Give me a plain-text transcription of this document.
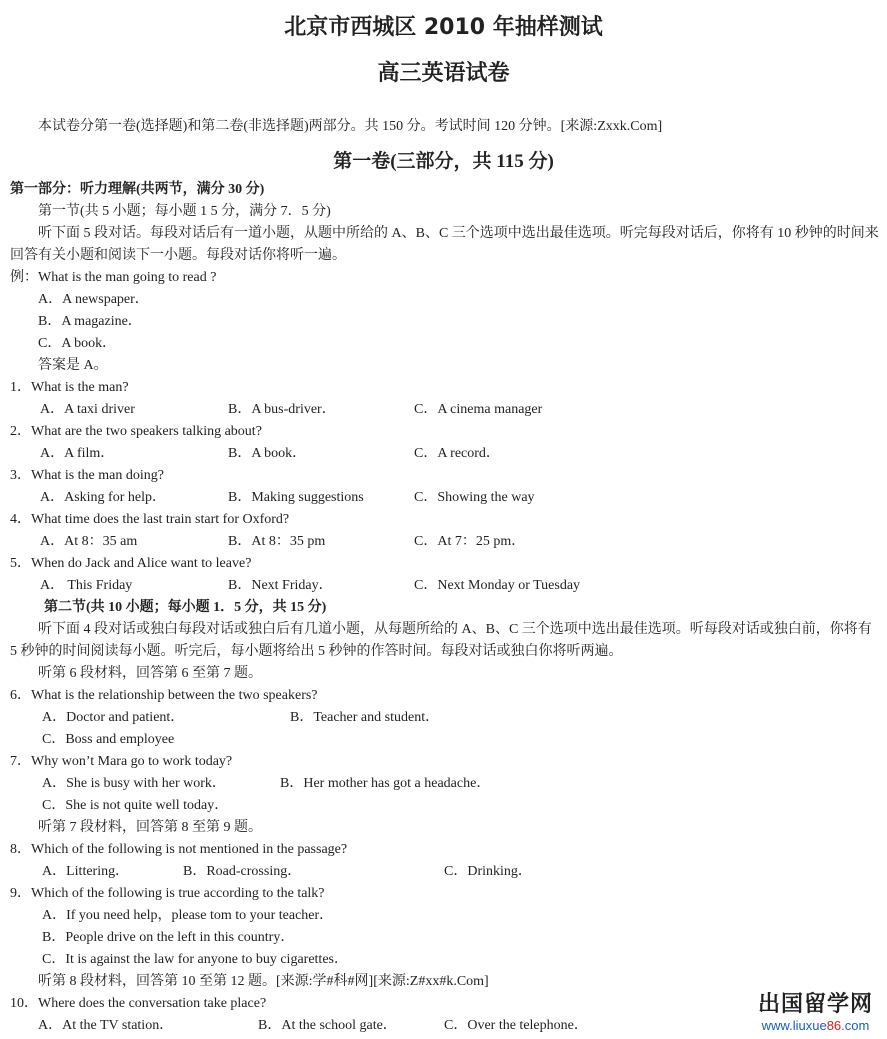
北京市西城区 2010 年抽样测试
高三英语试卷
本试卷分第一卷(选择题)和第二卷(非选择题)两部分。共 150 分。考试时间 120 分钟。[来源:Zxxk.Com]
第一卷(三部分，共 115 分)
第一部分：听力理解(共两节，满分 30 分)
第一节(共 5 小题；每小题 1 5 分，满分 7．5 分)
听下面 5 段对话。每段对话后有一道小题，从题中所给的 A、B、C 三个选项中选出最佳选项。听完每段对话后，你将有 10 秒钟的时间来回答有关小题和阅读下一小题。每段对话你将听一遍。
例：What is the man going to read ?
A．A newspaper．
B．A magazine．
C．A book．
答案是 A。
1．What is the man?
A．A taxi driver	B．A bus-driver．	C．A cinema manager
2．What are the two speakers talking about?
A．A film．	B．A book．	C．A record．
3．What is the man doing?
A．Asking for help．	B．Making suggestions	C．Showing the way
4．What time does the last train start for Oxford?
A．At 8：35 am	B．At 8：35 pm	C．At 7：25 pm．
5．When do Jack and Alice want to leave?
A． This Friday	B．Next Friday．	C．Next Monday or Tuesday
第二节(共 10 小题；每小题 1．5 分，共 15 分)
听下面 4 段对话或独白每段对话或独白后有几道小题，从每题所给的 A、B、C 三个选项中选出最佳选项。听每段对话或独白前，你将有 5 秒钟的时间阅读每小题。听完后，每小题将给出 5 秒钟的作答时间。每段对话或独白你将听两遍。
听第 6 段材料，回答第 6 至第 7 题。
6．What is the relationship between the two speakers?
A．Doctor and patient．	B．Teacher and student．
C．Boss and employee
7．Why won’t Mara go to work today?
A．She is busy with her work．	B．Her mother has got a headache．
C．She is not quite well today．
听第 7 段材料，回答第 8 至第 9 题。
8．Which of the following is not mentioned in the passage?
A．Littering．	B．Road-crossing．	C．Drinking．
9．Which of the following is true according to the talk?
A．If you need help，please tom to your teacher．
B．People drive on the left in this country．
C．It is against the law for anyone to buy cigarettes．
听第 8 段材料，回答第 10 至第 12 题。[来源:学#科#网][来源:Z#xx#k.Com]
10．Where does the conversation take place?
A．At the TV station．	B．At the school gate．	C．Over the telephone．
出国留学网
www.liuxue86.com
